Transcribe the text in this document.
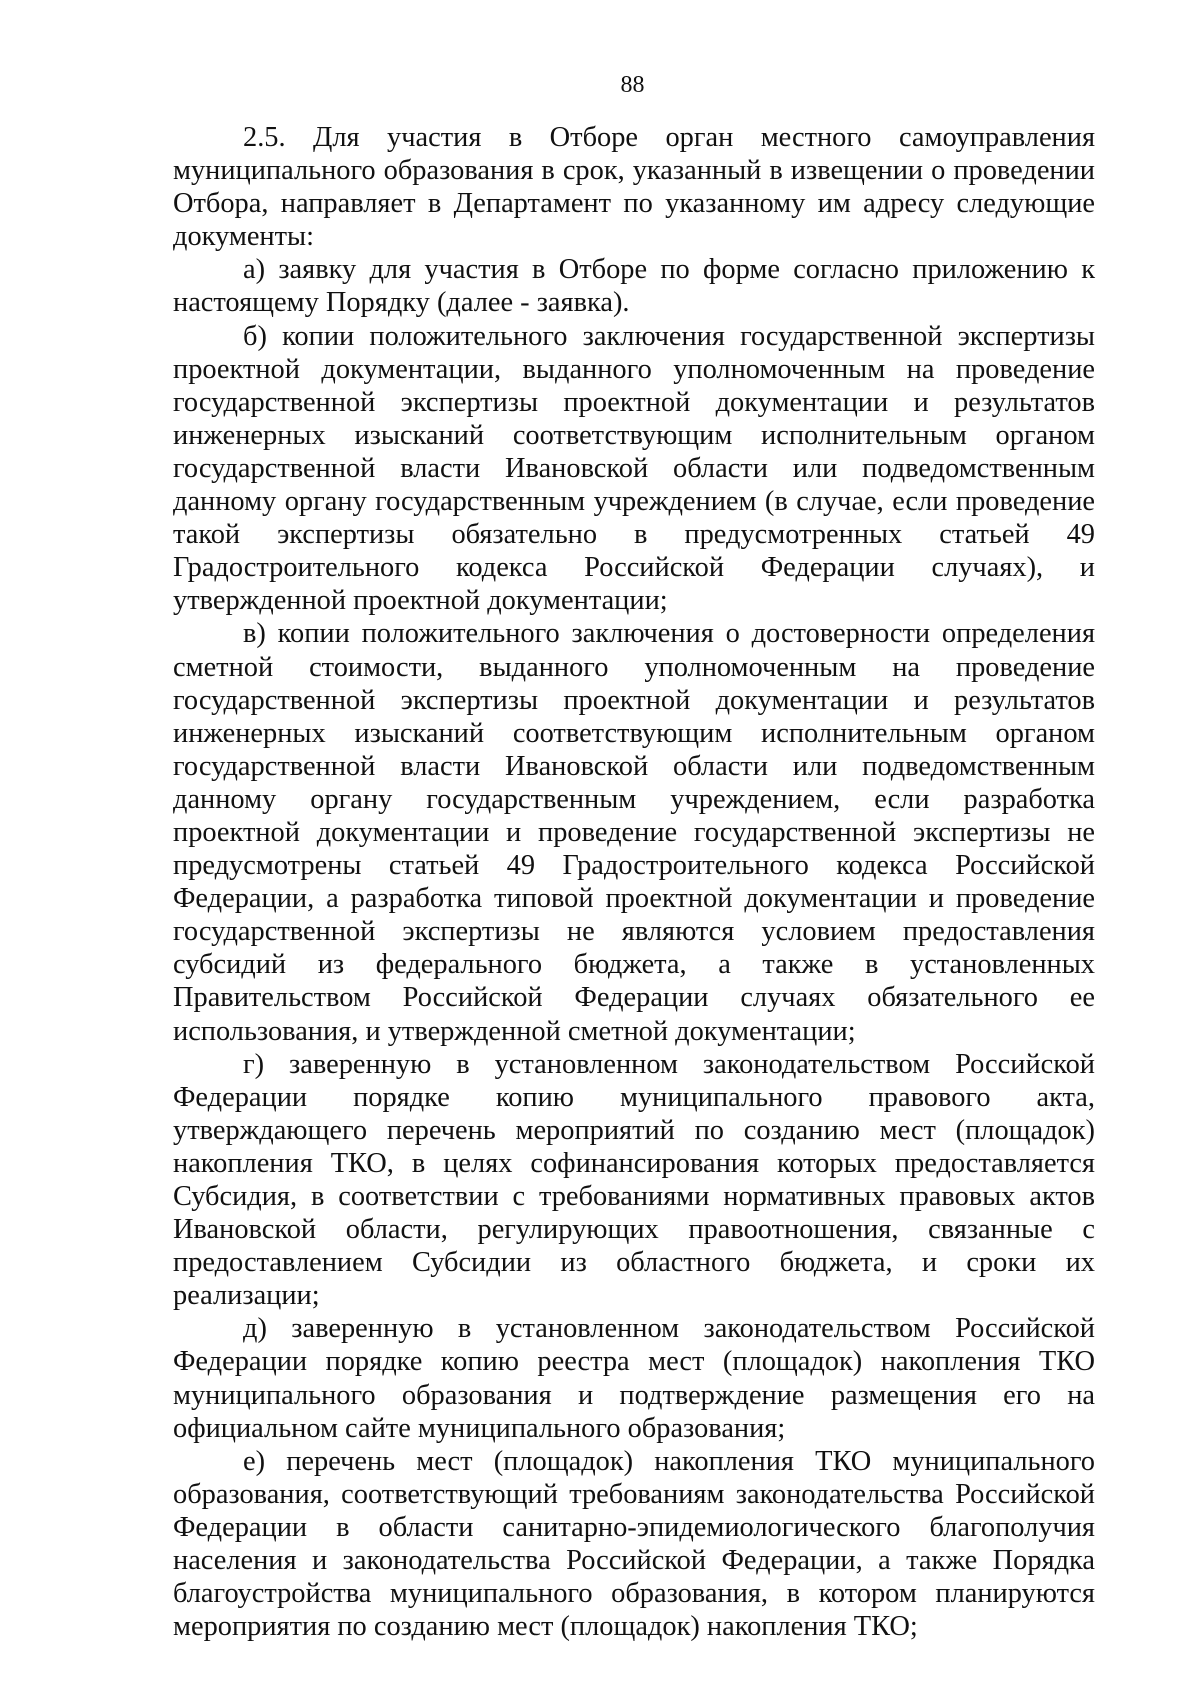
88
2.5. Для участия в Отборе орган местного самоуправления
муниципального образования в срок, указанный в извещении о проведении
Отбора, направляет в Департамент по указанному им адресу следующие
документы:
а) заявку для участия в Отборе по форме согласно приложению к
настоящему Порядку (далее - заявка).
б) копии положительного заключения государственной экспертизы
проектной документации, выданного уполномоченным на проведение
государственной экспертизы проектной документации и результатов
инженерных изысканий соответствующим исполнительным органом
государственной власти Ивановской области или подведомственным
данному органу государственным учреждением (в случае, если проведение
такой экспертизы обязательно в предусмотренных статьей 49
Градостроительного кодекса Российской Федерации случаях), и
утвержденной проектной документации;
в) копии положительного заключения о достоверности определения
сметной стоимости, выданного уполномоченным на проведение
государственной экспертизы проектной документации и результатов
инженерных изысканий соответствующим исполнительным органом
государственной власти Ивановской области или подведомственным
данному органу государственным учреждением, если разработка
проектной документации и проведение государственной экспертизы не
предусмотрены статьей 49 Градостроительного кодекса Российской
Федерации, а разработка типовой проектной документации и проведение
государственной экспертизы не являются условием предоставления
субсидий из федерального бюджета, а также в установленных
Правительством Российской Федерации случаях обязательного ее
использования, и утвержденной сметной документации;
г) заверенную в установленном законодательством Российской
Федерации порядке копию муниципального правового акта,
утверждающего перечень мероприятий по созданию мест (площадок)
накопления ТКО, в целях софинансирования которых предоставляется
Субсидия, в соответствии с требованиями нормативных правовых актов
Ивановской области, регулирующих правоотношения, связанные с
предоставлением Субсидии из областного бюджета, и сроки их
реализации;
д) заверенную в установленном законодательством Российской
Федерации порядке копию реестра мест (площадок) накопления ТКО
муниципального образования и подтверждение размещения его на
официальном сайте муниципального образования;
е) перечень мест (площадок) накопления ТКО муниципального
образования, соответствующий требованиям законодательства Российской
Федерации в области санитарно-эпидемиологического благополучия
населения и законодательства Российской Федерации, а также Порядка
благоустройства муниципального образования, в котором планируются
мероприятия по созданию мест (площадок) накопления ТКО;
